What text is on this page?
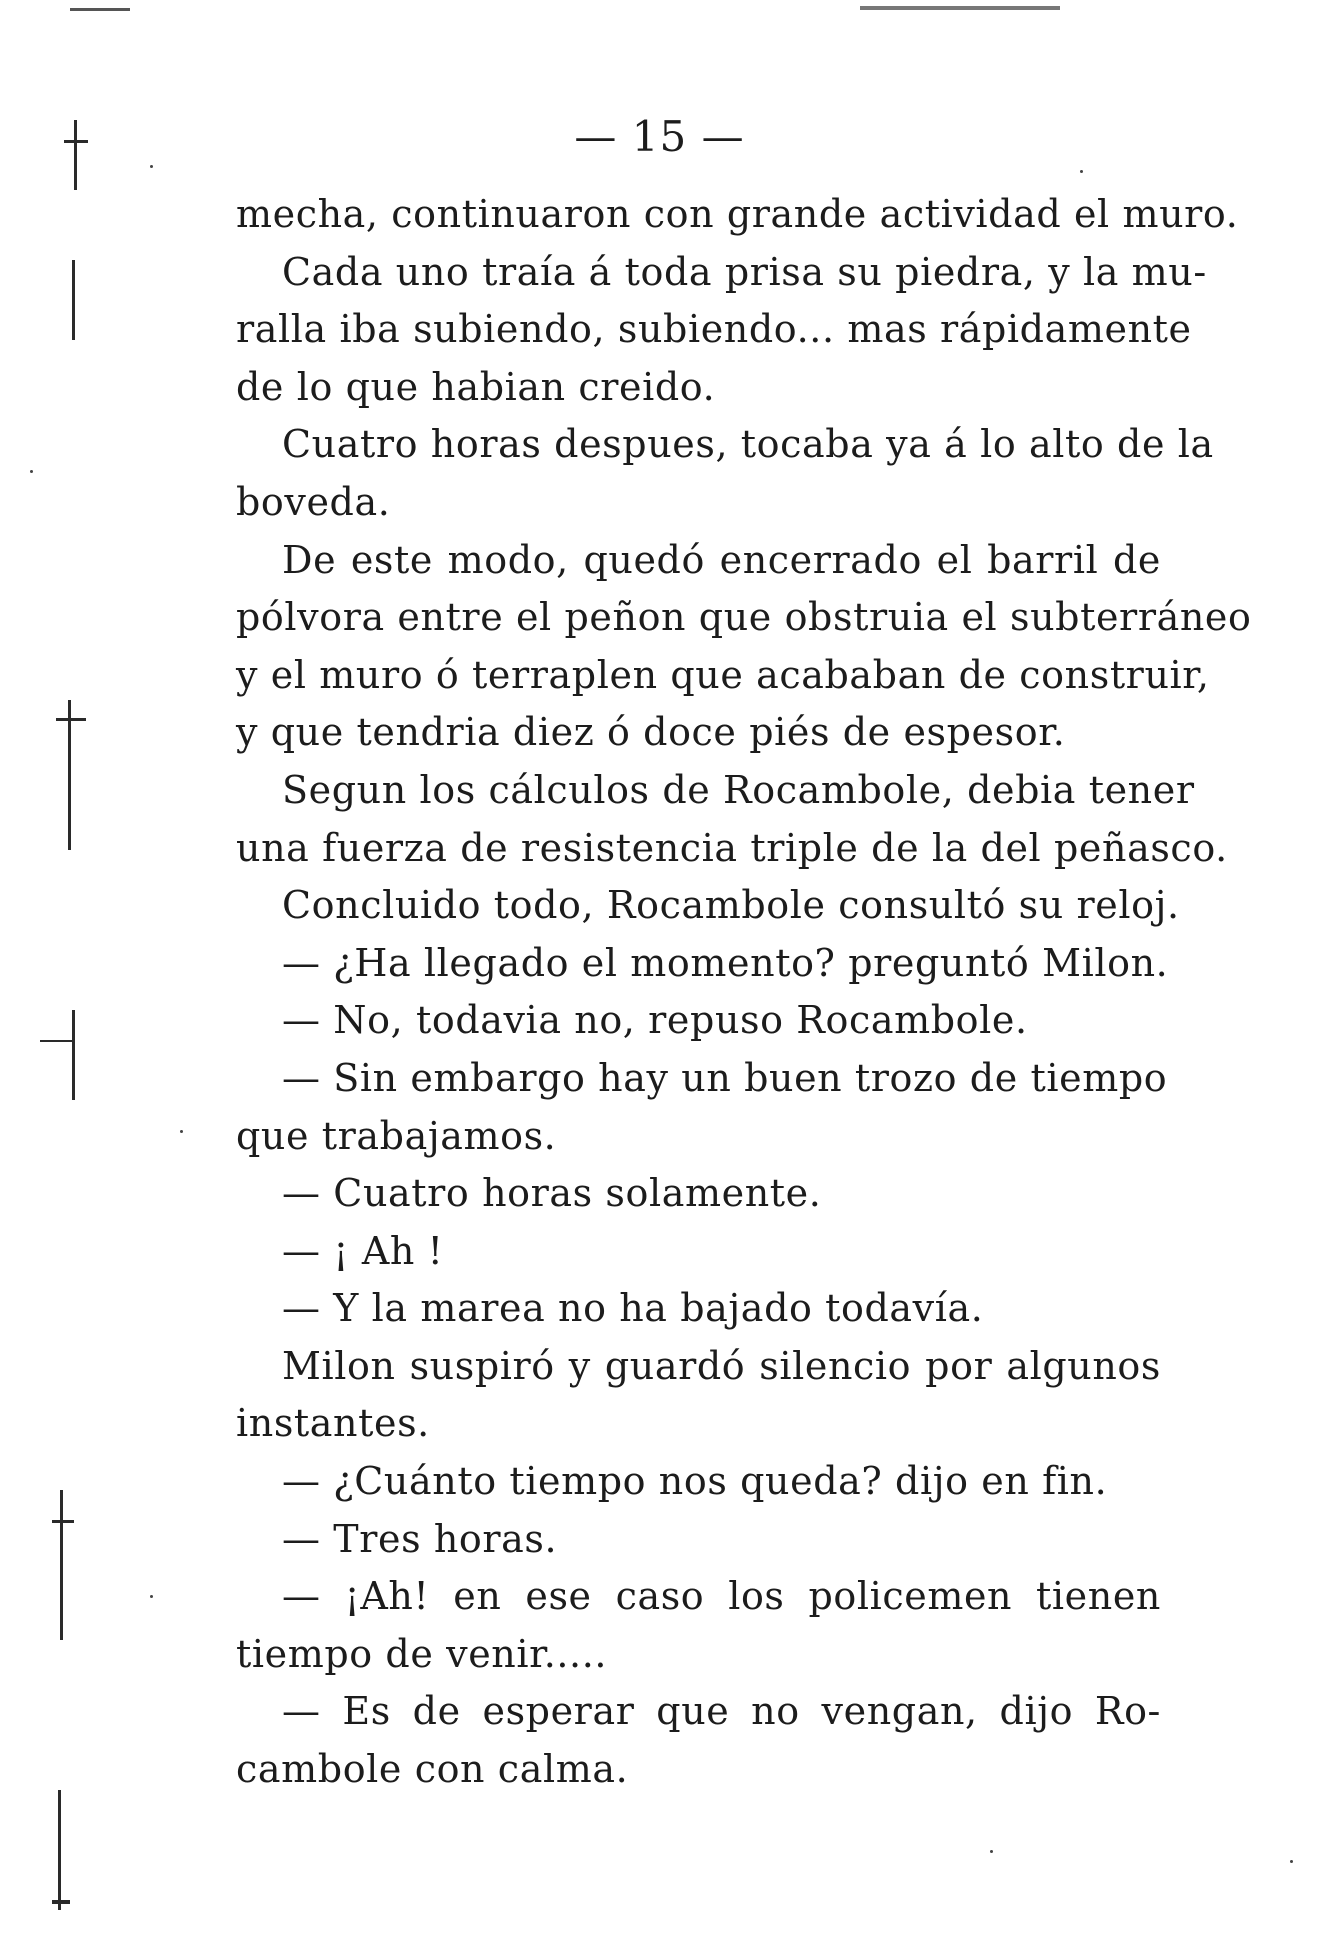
— 15 —
mecha, continuaron con grande actividad el muro.
Cada uno traía á toda prisa su piedra, y la mu-
ralla iba subiendo, subiendo... mas rápidamente
de lo que habian creido.
Cuatro horas despues, tocaba ya á lo alto de la
boveda.
De este modo, quedó encerrado el barril de
pólvora entre el peñon que obstruia el subterráneo
y el muro ó terraplen que acababan de construir,
y que tendria diez ó doce piés de espesor.
Segun los cálculos de Rocambole, debia tener
una fuerza de resistencia triple de la del peñasco.
Concluido todo, Rocambole consultó su reloj.
— ¿Ha llegado el momento? preguntó Milon.
— No, todavia no, repuso Rocambole.
— Sin embargo hay un buen trozo de tiempo
que trabajamos.
— Cuatro horas solamente.
— ¡ Ah !
— Y la marea no ha bajado todavía.
Milon suspiró y guardó silencio por algunos
instantes.
— ¿Cuánto tiempo nos queda? dijo en fin.
— Tres horas.
— ¡Ah! en ese caso los policemen tienen
tiempo de venir.....
— Es de esperar que no vengan, dijo Ro-
cambole con calma.
